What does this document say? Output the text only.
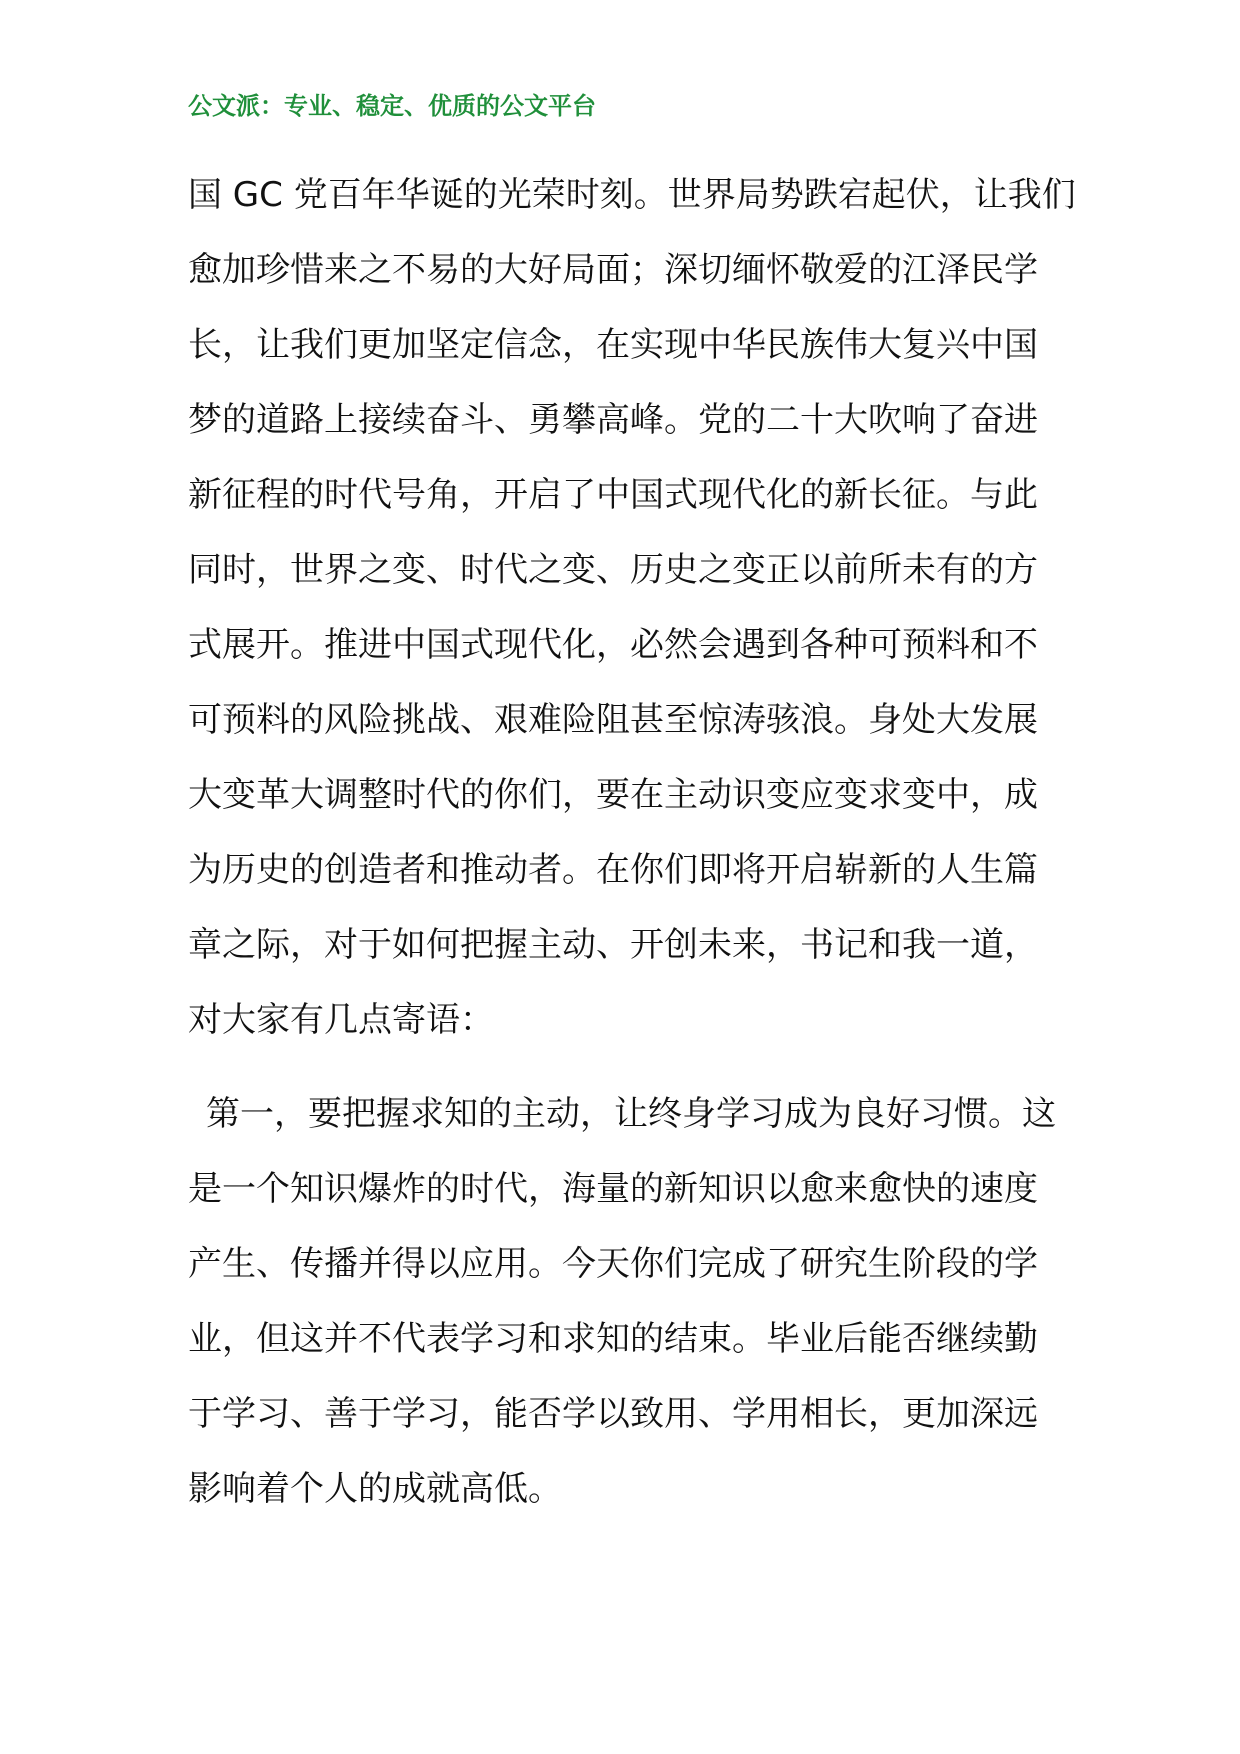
公文派：专业、稳定、优质的公文平台
国 GC 党百年华诞的光荣时刻。世界局势跌宕起伏，让我们
愈加珍惜来之不易的大好局面；深切缅怀敬爱的江泽民学
长，让我们更加坚定信念，在实现中华民族伟大复兴中国
梦的道路上接续奋斗、勇攀高峰。党的二十大吹响了奋进
新征程的时代号角，开启了中国式现代化的新长征。与此
同时，世界之变、时代之变、历史之变正以前所未有的方
式展开。推进中国式现代化，必然会遇到各种可预料和不
可预料的风险挑战、艰难险阻甚至惊涛骇浪。身处大发展
大变革大调整时代的你们，要在主动识变应变求变中，成
为历史的创造者和推动者。在你们即将开启崭新的人生篇
章之际，对于如何把握主动、开创未来，书记和我一道，
对大家有几点寄语：
第一，要把握求知的主动，让终身学习成为良好习惯。这
是一个知识爆炸的时代，海量的新知识以愈来愈快的速度
产生、传播并得以应用。今天你们完成了研究生阶段的学
业，但这并不代表学习和求知的结束。毕业后能否继续勤
于学习、善于学习，能否学以致用、学用相长，更加深远
影响着个人的成就高低。
